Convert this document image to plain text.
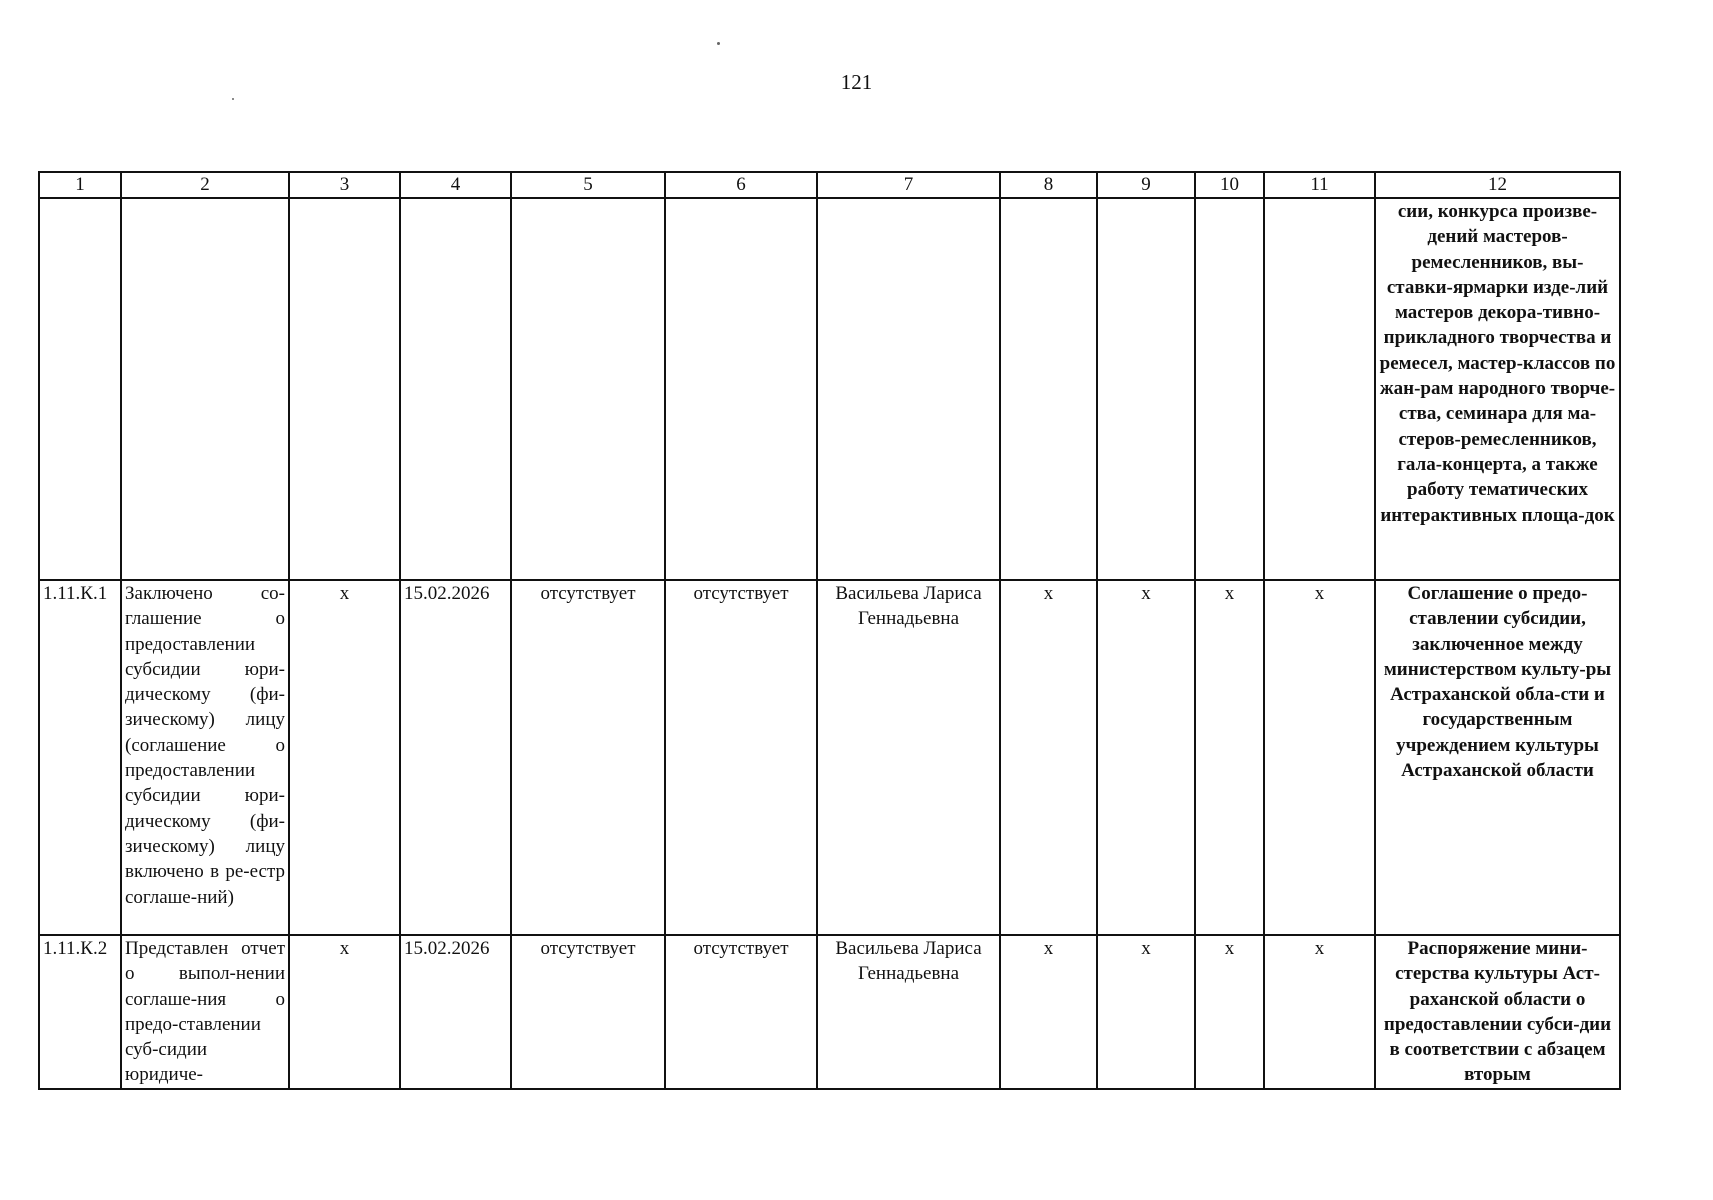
121
1	2	3	4	5	6	7	8	9	10	11	12
											сии, конкурса произве-дений мастеров-ремесленников, вы-ставки-ярмарки изде-лий мастеров декора-тивно-прикладного творчества и ремесел, мастер-классов по жан-рам народного творче-ства, семинара для ма-стеров-ремесленников, гала-концерта, а также работу тематических интерактивных площа-док
1.11.К.1	Заключено со-глашение о предоставлении субсидии юри-дическому (фи-зическому) лицу (соглашение о предоставлении субсидии юри-дическому (фи-зическому) лицу включено в ре-естр соглаше-ний)	х	15.02.2026	отсутствует	отсутствует	Васильева Лариса Геннадьевна	х	х	х	х	Соглашение о предо-ставлении субсидии, заключенное между министерством культу-ры Астраханской обла-сти и государственным учреждением культуры Астраханской области
1.11.К.2	Представлен отчет о выпол-нении соглаше-ния о предо-ставлении суб-сидии юридиче-	х	15.02.2026	отсутствует	отсутствует	Васильева Лариса Геннадьевна	х	х	х	х	Распоряжение мини-стерства культуры Аст-раханской области о предоставлении субси-дии в соответствии с абзацем вторым
